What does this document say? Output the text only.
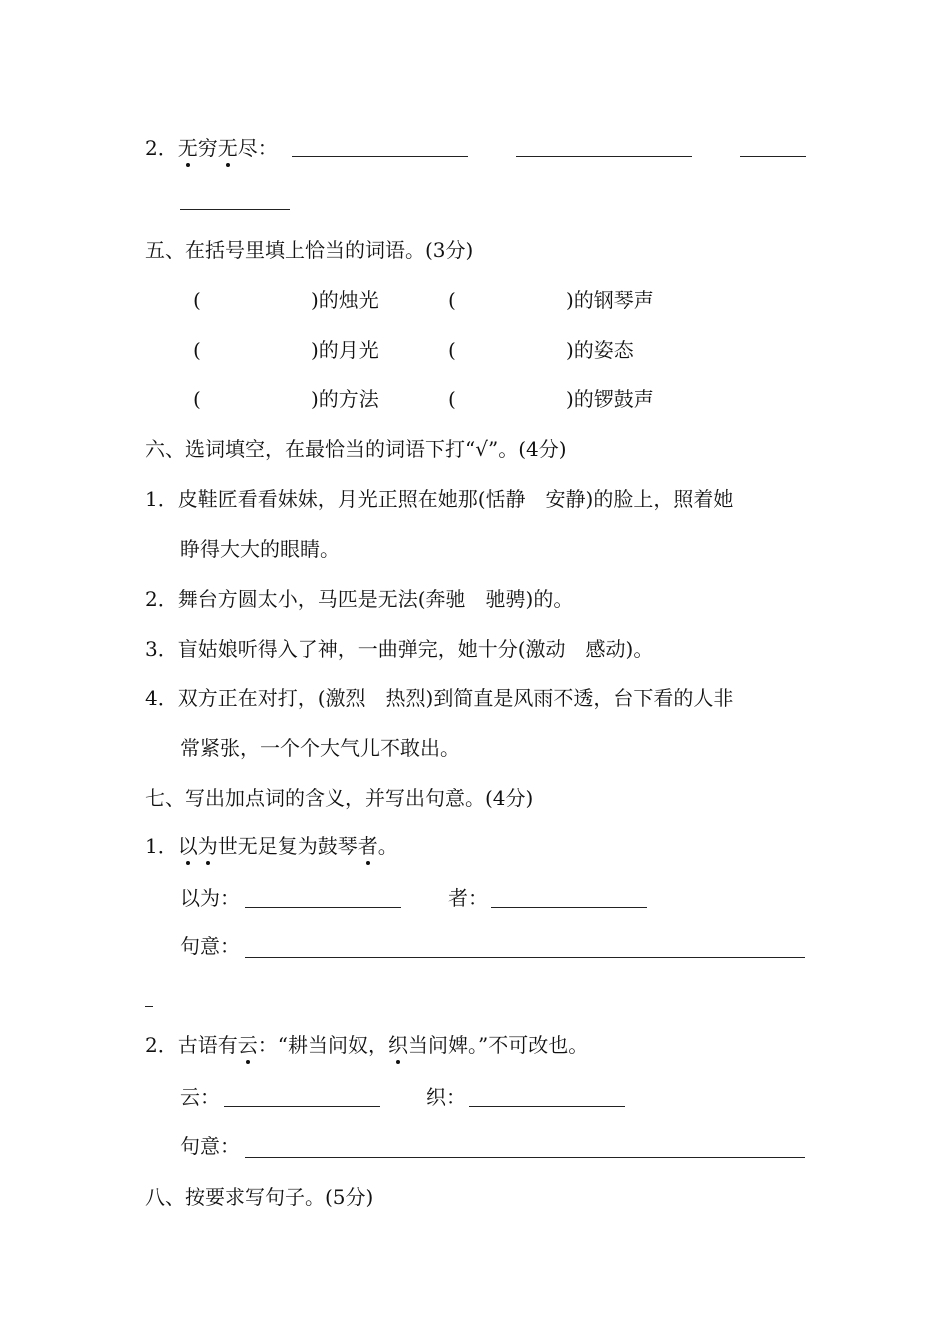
2．无穷无尽：
五、在括号里填上恰当的词语。(3分)
(	)的烛光	(	)的钢琴声
(	)的月光	(	)的姿态
(	)的方法	(	)的锣鼓声
六、选词填空，在最恰当的词语下打“√”。(4分)
1．皮鞋匠看看妹妹，月光正照在她那(恬静　安静)的脸上，照着她
睁得大大的眼睛。
2．舞台方圆太小，马匹是无法(奔驰　驰骋)的。
3．盲姑娘听得入了神，一曲弹完，她十分(激动　感动)。
4．双方正在对打，(激烈　热烈)到简直是风雨不透，台下看的人非
常紧张，一个个大气儿不敢出。
七、写出加点词的含义，并写出句意。(4分)
1．以为世无足复为鼓琴者。
以为：	者：
句意：
2．古语有云：“耕当问奴，织当问婢。”不可改也。
云：	织：
句意：
八、按要求写句子。(5分)
